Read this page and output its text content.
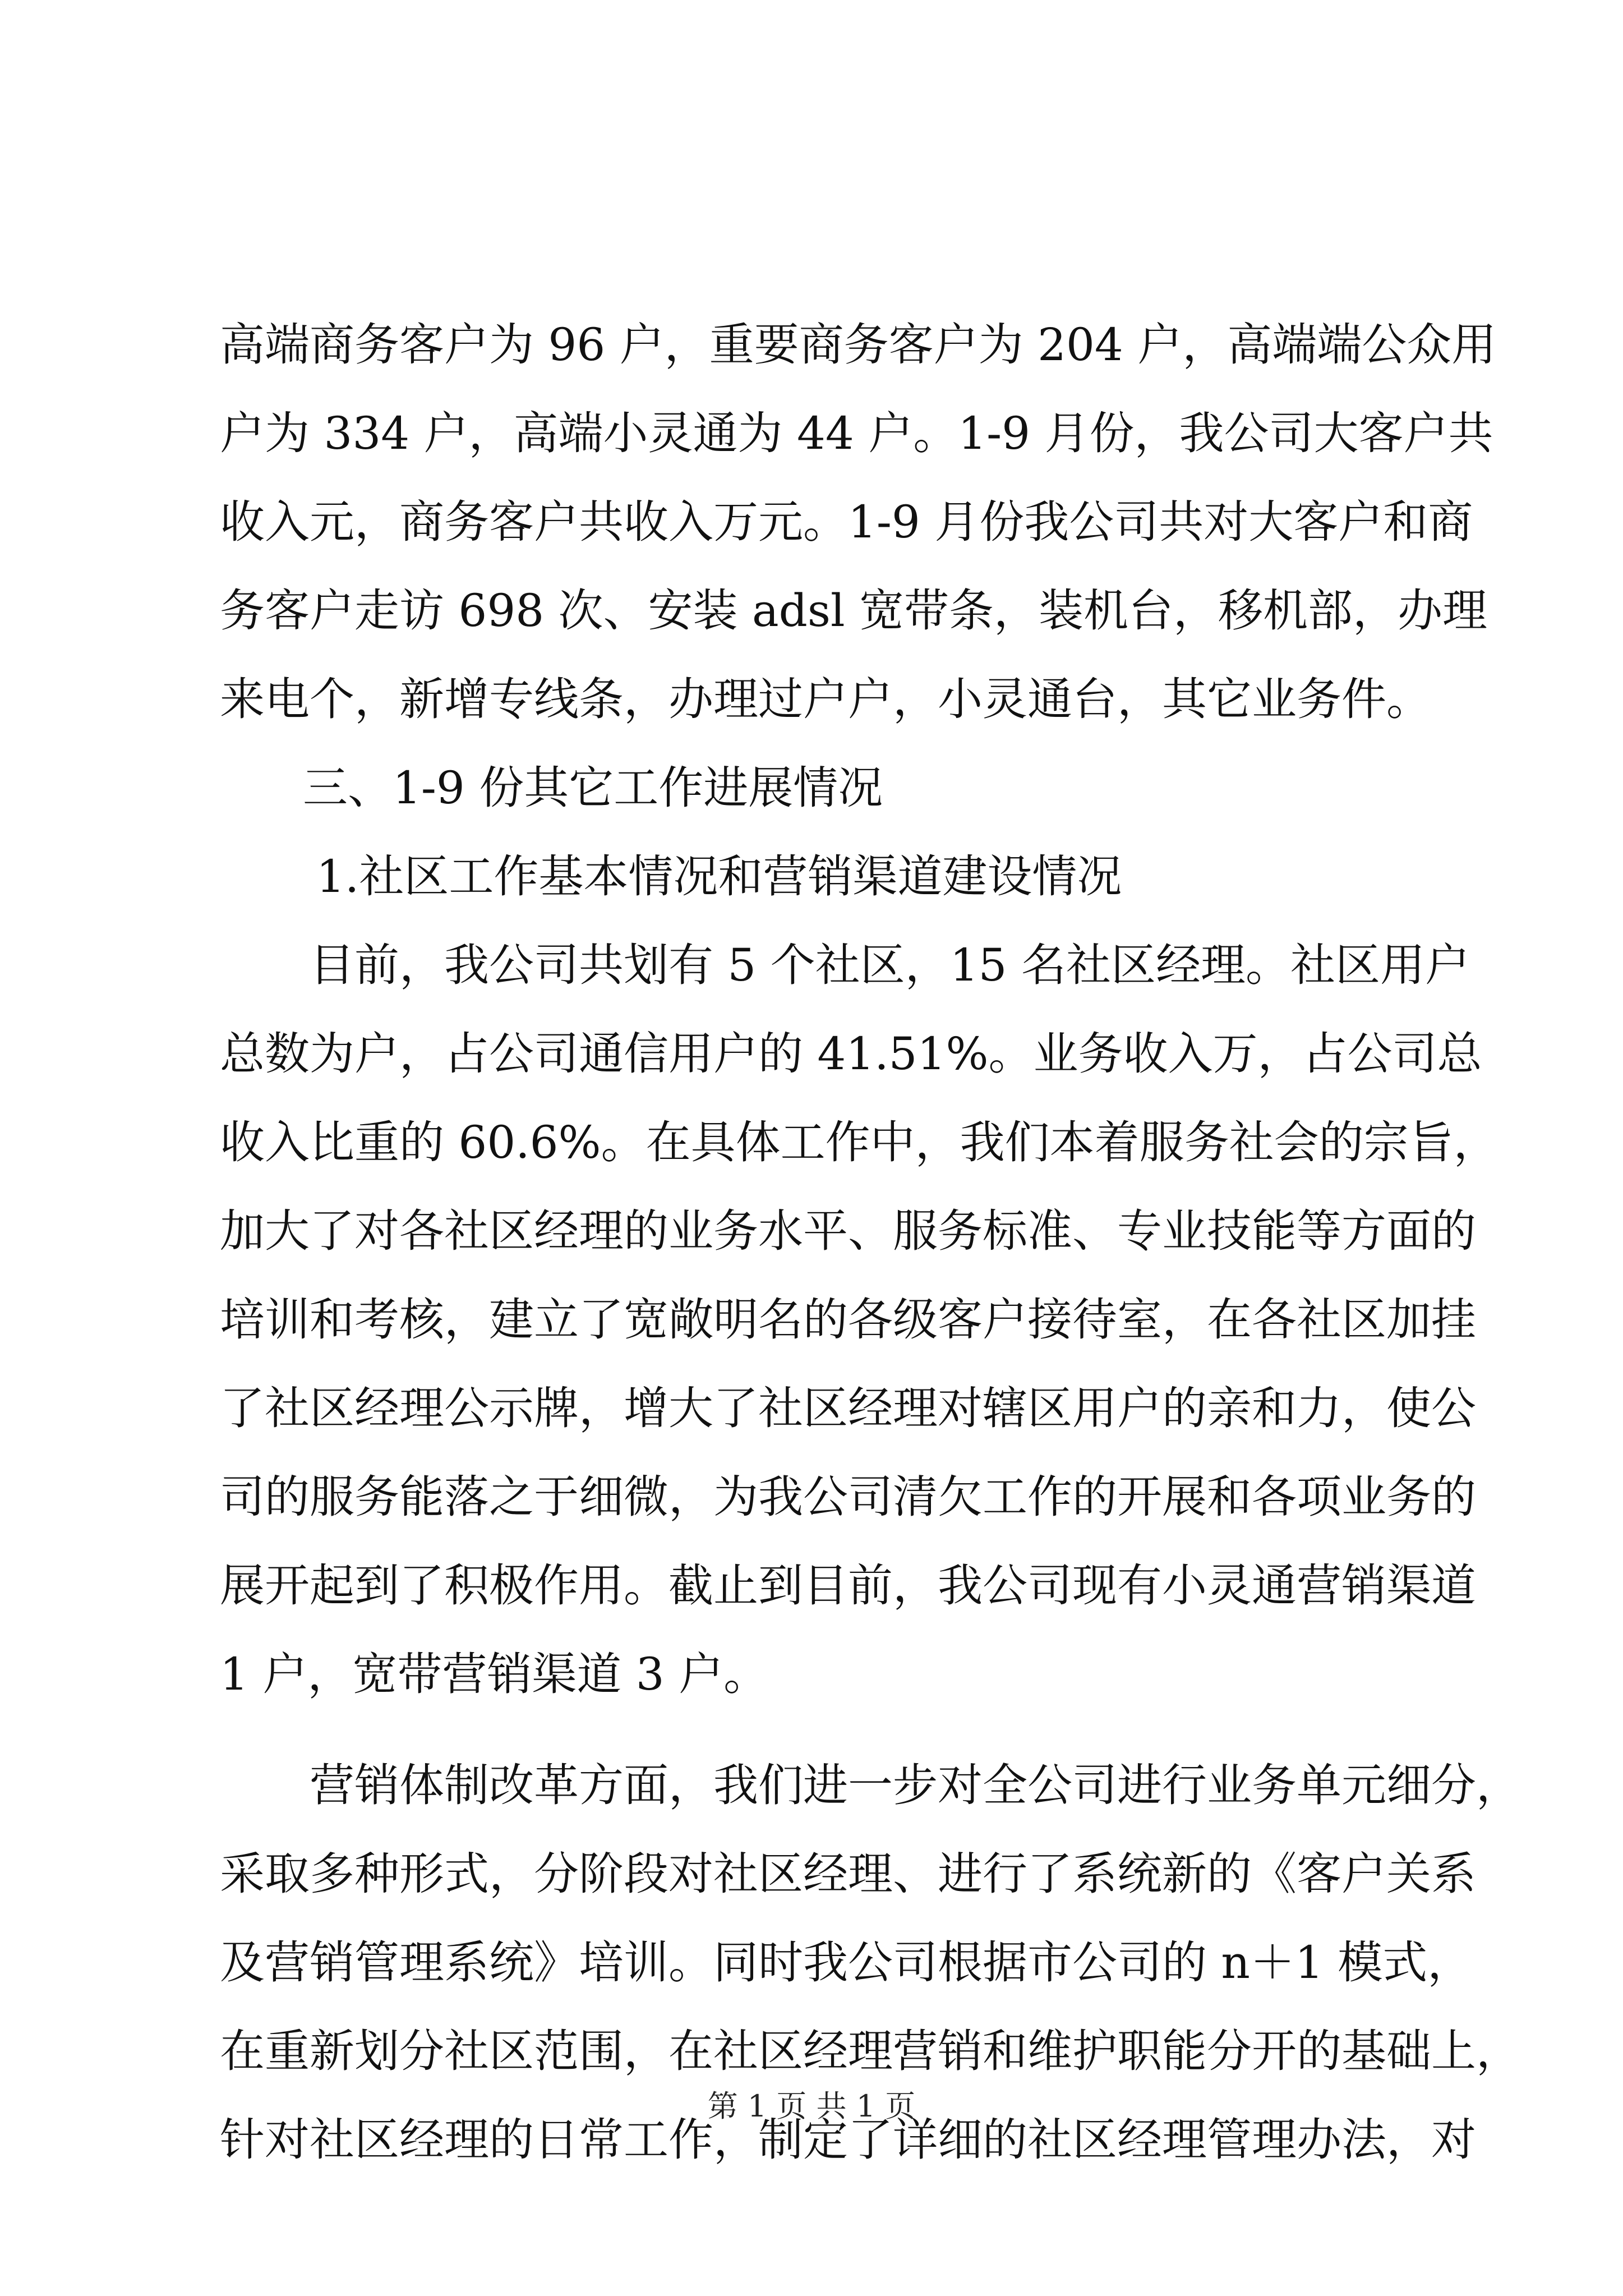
高端商务客户为 96 户，重要商务客户为 204 户，高端端公众用
户为 334 户，高端小灵通为 44 户。1-9 月份，我公司大客户共
收入元，商务客户共收入万元。1-9 月份我公司共对大客户和商
务客户走访 698 次、安装 adsl 宽带条，装机台，移机部，办理
来电个，新增专线条，办理过户户，小灵通台，其它业务件。
三、1-9 份其它工作进展情况
1.社区工作基本情况和营销渠道建设情况
目前，我公司共划有 5 个社区，15 名社区经理。社区用户
总数为户，占公司通信用户的 41.51%。业务收入万，占公司总
收入比重的 60.6%。在具体工作中，我们本着服务社会的宗旨，
加大了对各社区经理的业务水平、服务标准、专业技能等方面的
培训和考核，建立了宽敞明名的各级客户接待室，在各社区加挂
了社区经理公示牌，增大了社区经理对辖区用户的亲和力，使公
司的服务能落之于细微，为我公司清欠工作的开展和各项业务的
展开起到了积极作用。截止到目前，我公司现有小灵通营销渠道
1 户，宽带营销渠道 3 户。
营销体制改革方面，我们进一步对全公司进行业务单元细分，
采取多种形式，分阶段对社区经理、进行了系统新的《客户关系
及营销管理系统》培训。同时我公司根据市公司的 n＋1 模式，
在重新划分社区范围，在社区经理营销和维护职能分开的基础上，
针对社区经理的日常工作，制定了详细的社区经理管理办法，对
第 1 页 共 1 页
